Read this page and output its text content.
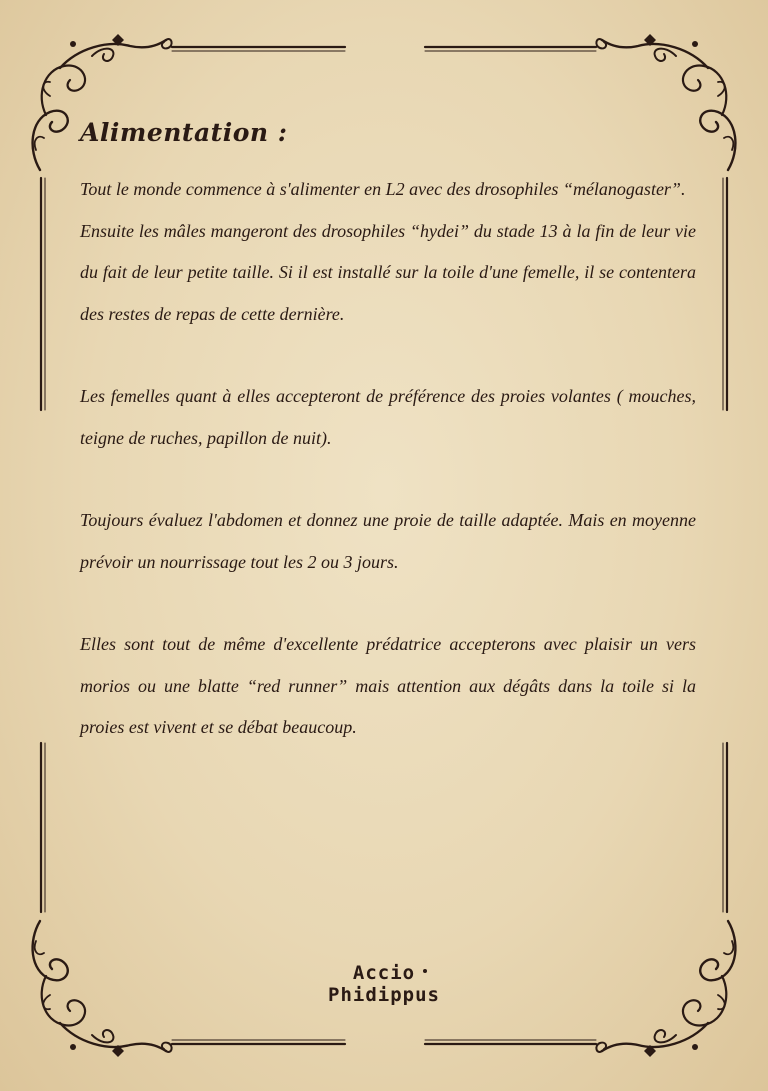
Alimentation :

Tout le monde commence à s'alimenter en L2 avec des drosophiles “mélanogaster”.

Ensuite les mâles mangeront des drosophiles “hydei” du stade 13 à la fin de leur vie du fait de leur petite taille. Si il est installé sur la toile d'une femelle, il se contentera des restes de repas de cette dernière.

Les femelles quant à elles accepteront de préférence des proies volantes ( mouches, teigne de ruches, papillon de nuit).

Toujours évaluez l'abdomen et donnez une proie de taille adaptée. Mais en moyenne prévoir un nourrissage tout les 2 ou 3 jours.

Elles sont tout de même d'excellente prédatrice accepterons avec plaisir un vers morios ou une blatte “red runner” mais attention aux dégâts dans la toile si la proies est vivent et se débat beaucoup.

Accio
Phidippus
